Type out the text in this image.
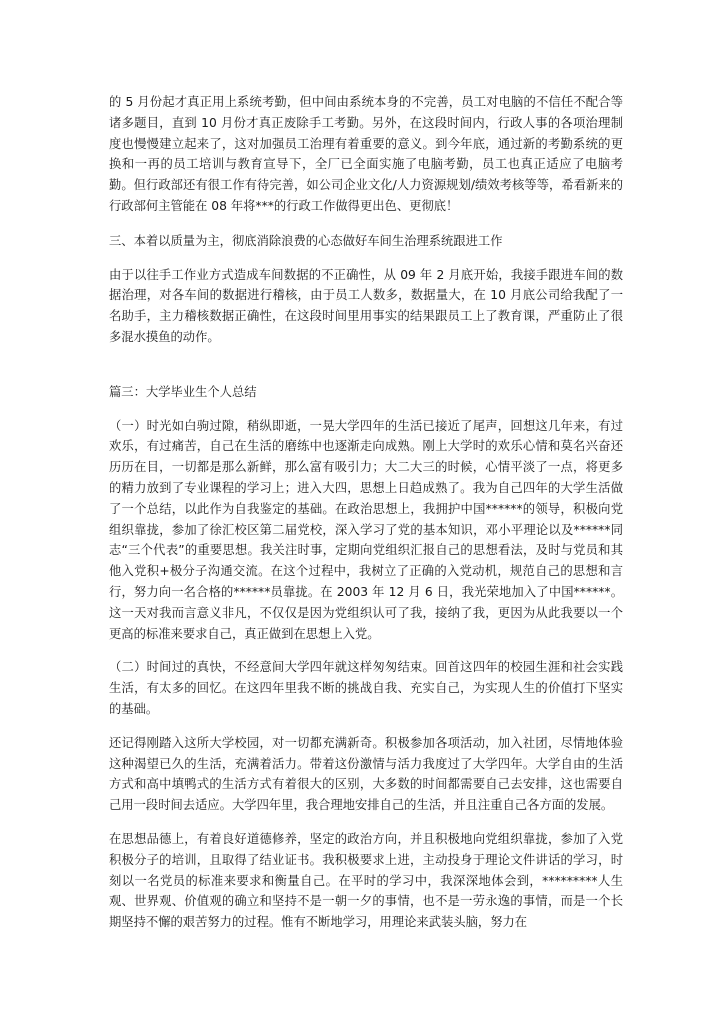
的 5 月份起才真正用上系统考勤，但中间由系统本身的不完善，员工对电脑的不信任不配合等诸多题目，直到 10 月份才真正废除手工考勤。另外，在这段时间内，行政人事的各项治理制度也慢慢建立起来了，这对加强员工治理有着重要的意义。到今年底，通过新的考勤系统的更换和一再的员工培训与教育宣导下，全厂已全面实施了电脑考勤，员工也真正适应了电脑考勤。但行政部还有很工作有待完善，如公司企业文化/人力资源规划/绩效考核等等，希看新来的行政部何主管能在 08 年将***的行政工作做得更出色、更彻底！

三、本着以质量为主，彻底消除浪费的心态做好车间生治理系统跟进工作

由于以往手工作业方式造成车间数据的不正确性，从 09 年 2 月底开始，我接手跟进车间的数据治理，对各车间的数据进行稽核，由于员工人数多，数据量大，在 10 月底公司给我配了一名助手，主力稽核数据正确性，在这段时间里用事实的结果跟员工上了教育课，严重防止了很多混水摸鱼的动作。

篇三：大学毕业生个人总结

（一）时光如白驹过隙，稍纵即逝，一晃大学四年的生活已接近了尾声，回想这几年来，有过欢乐，有过痛苦，自己在生活的磨练中也逐渐走向成熟。刚上大学时的欢乐心情和莫名兴奋还历历在目，一切都是那么新鲜，那么富有吸引力；大二大三的时候，心情平淡了一点，将更多的精力放到了专业课程的学习上；进入大四，思想上日趋成熟了。我为自己四年的大学生活做了一个总结，以此作为自我鉴定的基础。在政治思想上，我拥护中国******的领导，积极向党组织靠拢，参加了徐汇校区第二届党校，深入学习了党的基本知识，邓小平理论以及******同志“三个代表”的重要思想。我关注时事，定期向党组织汇报自己的思想看法，及时与党员和其他入党积+极分子沟通交流。在这个过程中，我树立了正确的入党动机，规范自己的思想和言行，努力向一名合格的******员靠拢。在 2003 年 12 月 6 日，我光荣地加入了中国******。这一天对我而言意义非凡，不仅仅是因为党组织认可了我，接纳了我，更因为从此我要以一个更高的标准来要求自己，真正做到在思想上入党。

（二）时间过的真快，不经意间大学四年就这样匆匆结束。回首这四年的校园生涯和社会实践生活，有太多的回忆。在这四年里我不断的挑战自我、充实自己，为实现人生的价值打下坚实的基础。

还记得刚踏入这所大学校园，对一切都充满新奇。积极参加各项活动，加入社团，尽情地体验这种渴望已久的生活，充满着活力。带着这份激情与活力我度过了大学四年。大学自由的生活方式和高中填鸭式的生活方式有着很大的区别，大多数的时间都需要自己去安排，这也需要自己用一段时间去适应。大学四年里，我合理地安排自己的生活，并且注重自己各方面的发展。

在思想品德上，有着良好道德修养，坚定的政治方向，并且积极地向党组织靠拢，参加了入党积极分子的培训，且取得了结业证书。我积极要求上进，主动投身于理论文件讲话的学习，时刻以一名党员的标准来要求和衡量自己。在平时的学习中，我深深地体会到，*********人生观、世界观、价值观的确立和坚持不是一朝一夕的事情，也不是一劳永逸的事情，而是一个长期坚持不懈的艰苦努力的过程。惟有不断地学习，用理论来武装头脑，努力在
